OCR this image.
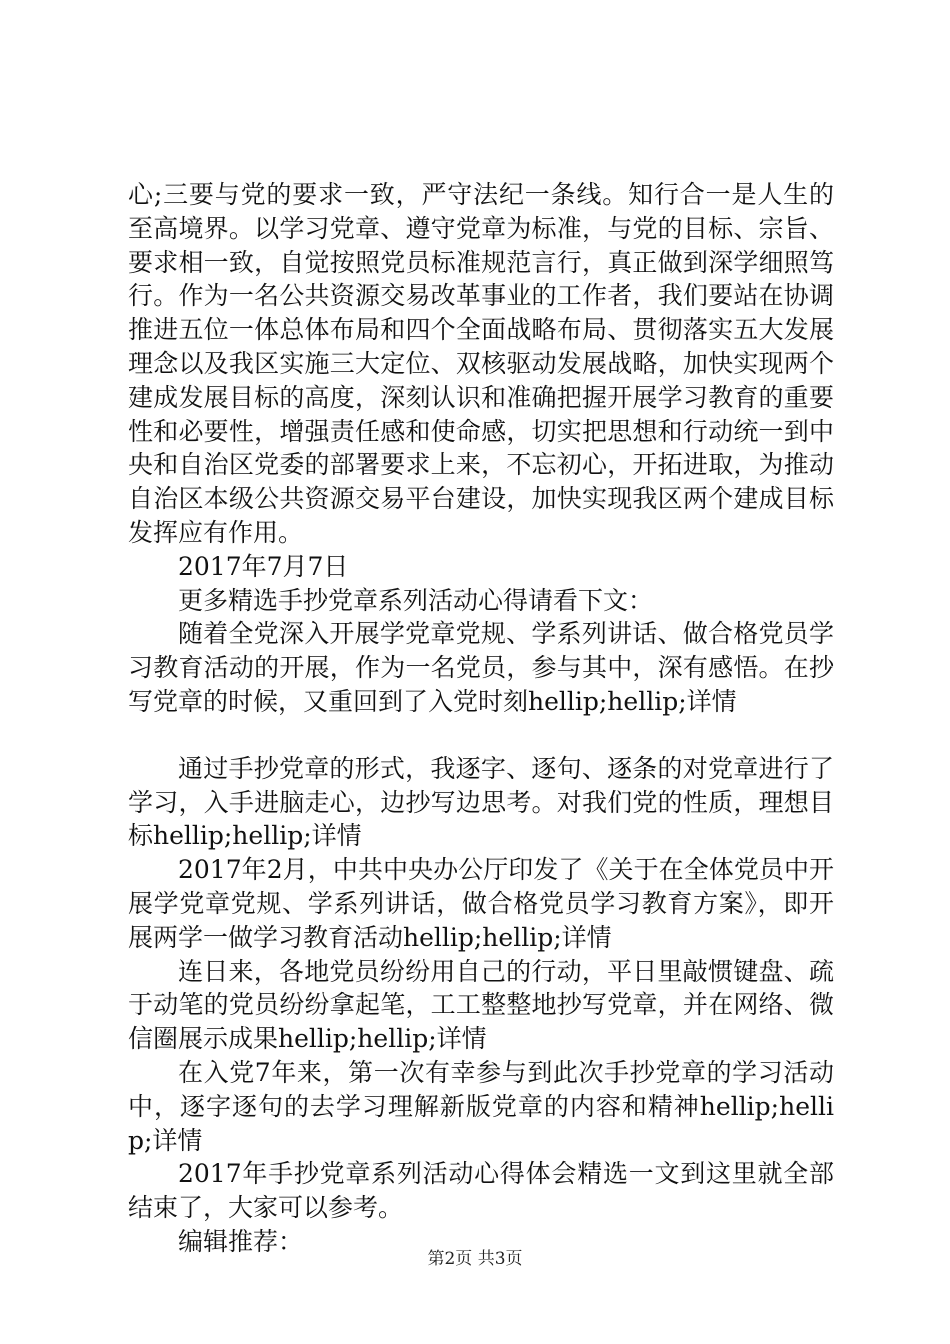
心;三要与党的要求一致，严守法纪一条线。知行合一是人生的至高境界。以学习党章、遵守党章为标准，与党的目标、宗旨、要求相一致，自觉按照党员标准规范言行，真正做到深学细照笃行。作为一名公共资源交易改革事业的工作者，我们要站在协调推进五位一体总体布局和四个全面战略布局、贯彻落实五大发展理念以及我区实施三大定位、双核驱动发展战略，加快实现两个建成发展目标的高度，深刻认识和准确把握开展学习教育的重要性和必要性，增强责任感和使命感，切实把思想和行动统一到中央和自治区党委的部署要求上来，不忘初心，开拓进取，为推动自治区本级公共资源交易平台建设，加快实现我区两个建成目标发挥应有作用。

2017年7月7日

更多精选手抄党章系列活动心得请看下文：

随着全党深入开展学党章党规、学系列讲话、做合格党员学习教育活动的开展，作为一名党员，参与其中，深有感悟。在抄写党章的时候，又重回到了入党时刻hellip;hellip;详情

通过手抄党章的形式，我逐字、逐句、逐条的对党章进行了学习，入手进脑走心，边抄写边思考。对我们党的性质，理想目标hellip;hellip;详情

2017年2月，中共中央办公厅印发了《关于在全体党员中开展学党章党规、学系列讲话，做合格党员学习教育方案》，即开展两学一做学习教育活动hellip;hellip;详情

连日来，各地党员纷纷用自己的行动，平日里敲惯键盘、疏于动笔的党员纷纷拿起笔，工工整整地抄写党章，并在网络、微信圈展示成果hellip;hellip;详情

在入党7年来，第一次有幸参与到此次手抄党章的学习活动中，逐字逐句的去学习理解新版党章的内容和精神hellip;hellip;详情

2017年手抄党章系列活动心得体会精选一文到这里就全部结束了，大家可以参考。

编辑推荐：

第2页 共3页
